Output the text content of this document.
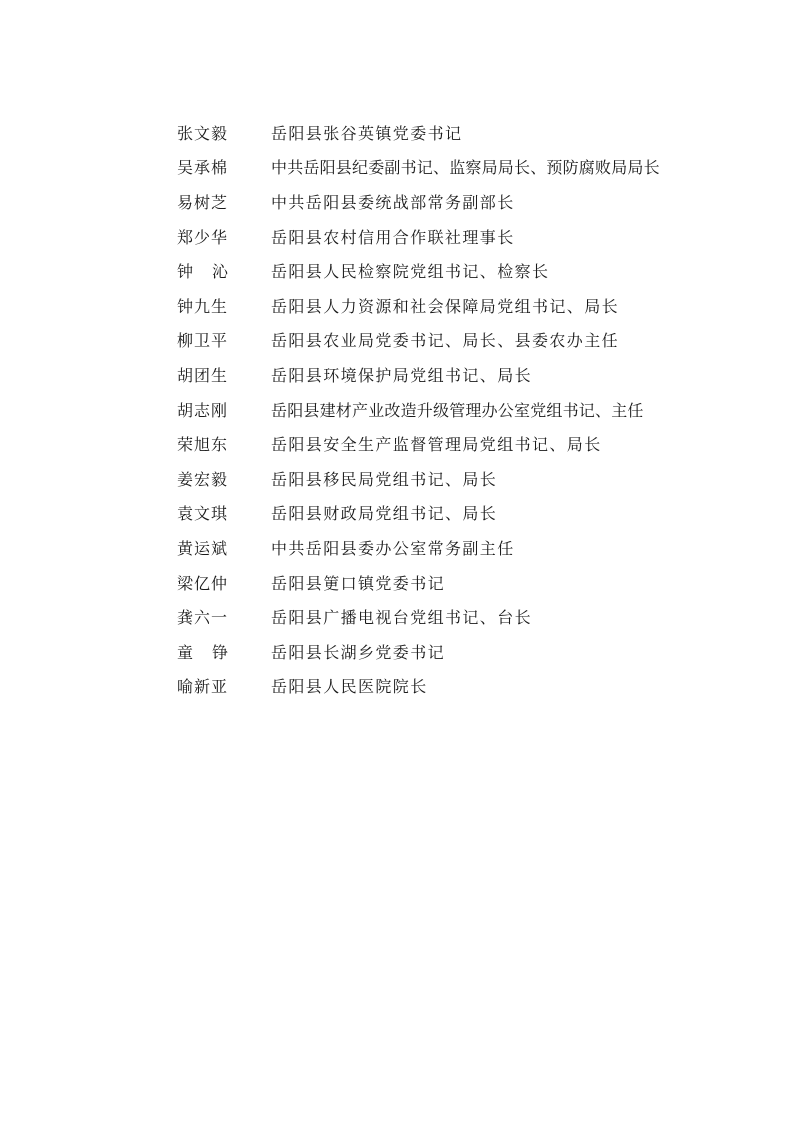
张文毅	岳阳县张谷英镇党委书记
吴承棉	中共岳阳县纪委副书记、监察局局长、预防腐败局局长
易树芝	中共岳阳县委统战部常务副部长
郑少华	岳阳县农村信用合作联社理事长
钟 沁	岳阳县人民检察院党组书记、检察长
钟九生	岳阳县人力资源和社会保障局党组书记、局长
柳卫平	岳阳县农业局党委书记、局长、县委农办主任
胡团生	岳阳县环境保护局党组书记、局长
胡志刚	岳阳县建材产业改造升级管理办公室党组书记、主任
荣旭东	岳阳县安全生产监督管理局党组书记、局长
姜宏毅	岳阳县移民局党组书记、局长
袁文琪	岳阳县财政局党组书记、局长
黄运斌	中共岳阳县委办公室常务副主任
梁亿仲	岳阳县筻口镇党委书记
龚六一	岳阳县广播电视台党组书记、台长
童 铮	岳阳县长湖乡党委书记
喻新亚	岳阳县人民医院院长
